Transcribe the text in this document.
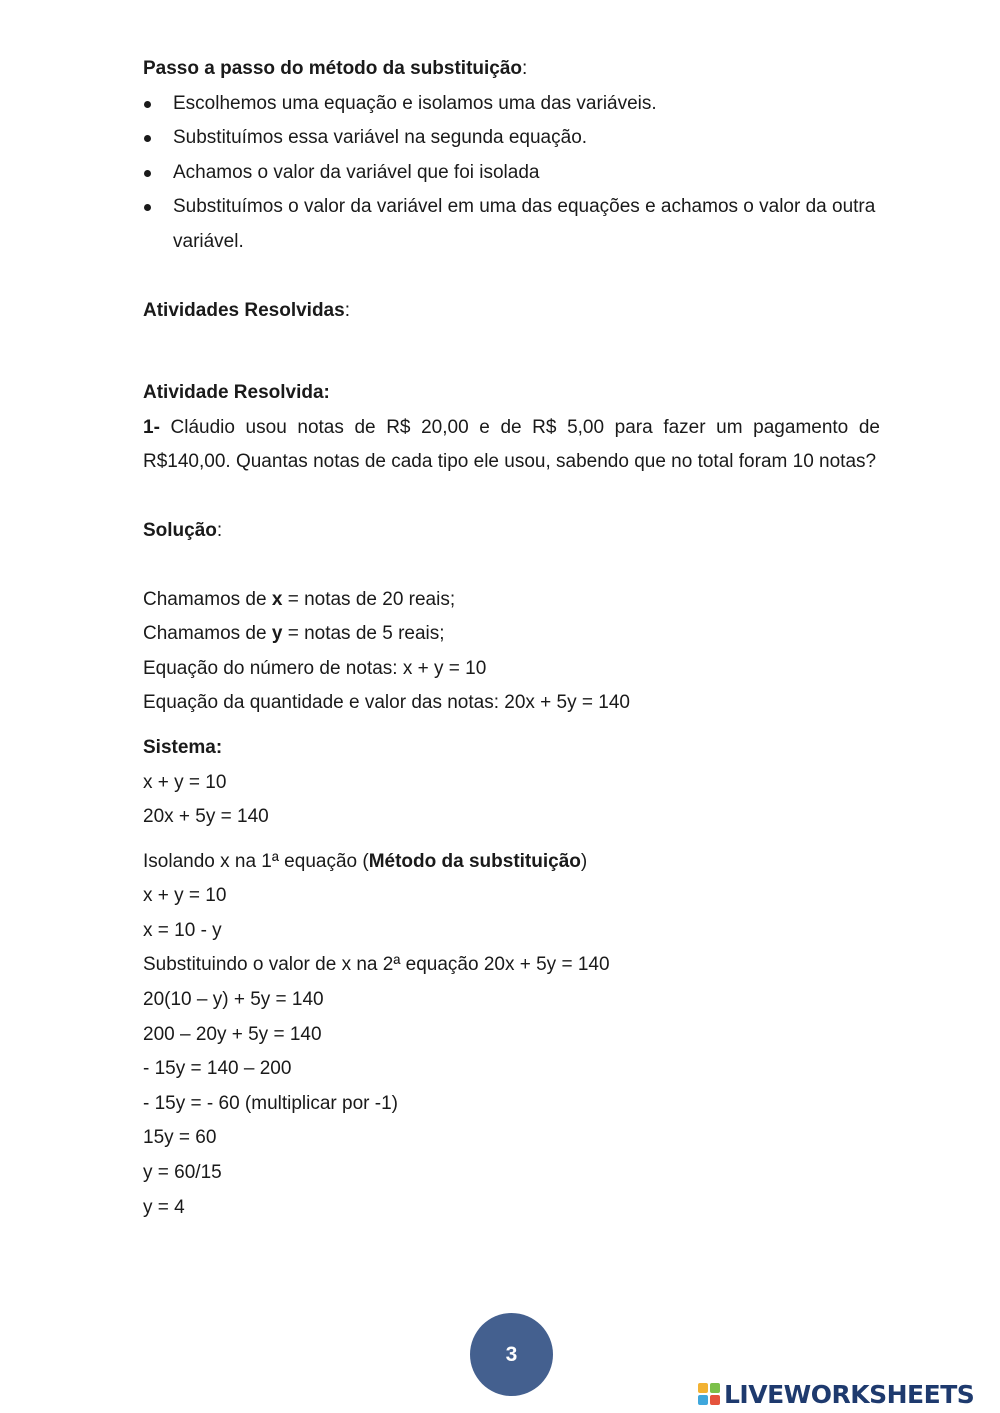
Passo a passo do método da substituição:

Escolhemos uma equação e isolamos uma das variáveis.
Substituímos essa variável na segunda equação.
Achamos o valor da variável que foi isolada
Substituímos o valor da variável em uma das equações e achamos o valor da outra variável.

Atividades Resolvidas:

Atividade Resolvida:

1- Cláudio usou notas de R$ 20,00 e de R$ 5,00 para fazer um pagamento de R$140,00. Quantas notas de cada tipo ele usou, sabendo que no total foram 10 notas?

Solução:

Chamamos de x = notas de 20 reais;

Chamamos de y = notas de 5 reais;

Equação do número de notas: x + y = 10

Equação da quantidade e valor das notas: 20x + 5y = 140

Sistema:

x + y = 10

20x + 5y = 140

Isolando x na 1ª equação (Método da substituição)

x + y = 10

x = 10 - y

Substituindo o valor de x na 2ª equação 20x + 5y = 140

20(10 – y) + 5y = 140

200 – 20y + 5y = 140

- 15y = 140 – 200

- 15y = - 60 (multiplicar por -1)

15y = 60

y = 60/15

y = 4

3
LIVEWORKSHEETS
